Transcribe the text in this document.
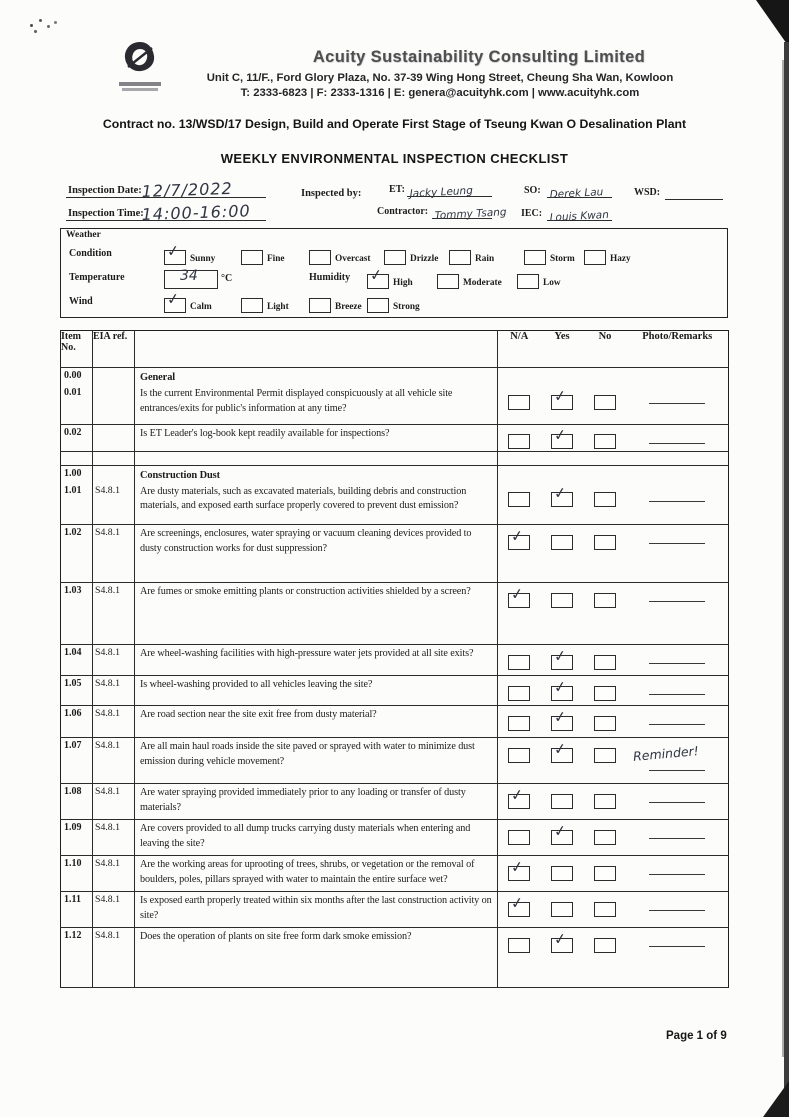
Acuity Sustainability Consulting Limited
Unit C, 11/F., Ford Glory Plaza, No. 37-39 Wing Hong Street, Cheung Sha Wan, Kowloon
T: 2333-6823 | F: 2333-1316 | E: genera@acuityhk.com | www.acuityhk.com
Contract no. 13/WSD/17 Design, Build and Operate First Stage of Tseung Kwan O Desalination Plant
WEEKLY ENVIRONMENTAL INSPECTION CHECKLIST
Inspection Date: 12/7/2022
Inspection Time:
14:00-16:00
Inspected by:	ET: Jacky Leung
Contractor: Tommy Tsang
SO: Derek Lau
IEC: Louis Kwan
WSD:
Weather
Condition	✓ Sunny	Fine	Overcast	Drizzle	Rain	Storm	Hazy
Temperature	34 °C	Humidity ✓ High	Moderate	Low
Wind	✓ Calm	Light	Breeze	Strong
Item
No.	EIA ref.		N/A	Yes	No	Photo/Remarks

0.00		General				
0.01		Is the current Environmental Permit displayed conspicuously at all vehicle site entrances/exits for public's information at any time?		✓		

0.02		Is ET Leader's log-book kept readily available for inspections?		✓		

1.00		Construction Dust				
1.01	S4.8.1	Are dusty materials, such as excavated materials, building debris and construction materials, and exposed earth surface properly covered to prevent dust emission?		✓		

1.02	S4.8.1	Are screenings, enclosures, water spraying or vacuum cleaning devices provided to dusty construction works for dust suppression?	✓			

1.03	S4.8.1	Are fumes or smoke emitting plants or construction activities shielded by a screen?	✓			

1.04	S4.8.1	Are wheel-washing facilities with high-pressure water jets provided at all site exits?		✓		

1.05	S4.8.1	Is wheel-washing provided to all vehicles leaving the site?		✓		

1.06	S4.8.1	Are road section near the site exit free from dusty material?		✓		

1.07	S4.8.1	Are all main haul roads inside the site paved or sprayed with water to minimize dust emission during vehicle movement?		✓		Reminder!

1.08	S4.8.1	Are water spraying provided immediately prior to any loading or transfer of dusty materials?	✓			

1.09	S4.8.1	Are covers provided to all dump trucks carrying dusty materials when entering and leaving the site?		✓		

1.10	S4.8.1	Are the working areas for uprooting of trees, shrubs, or vegetation or the removal of boulders, poles, pillars sprayed with water to maintain the entire surface wet?	✓			

1.11	S4.8.1	Is exposed earth properly treated within six months after the last construction activity on site?	✓			

1.12	S4.8.1	Does the operation of plants on site free form dark smoke emission?		✓		

Page 1 of 9
